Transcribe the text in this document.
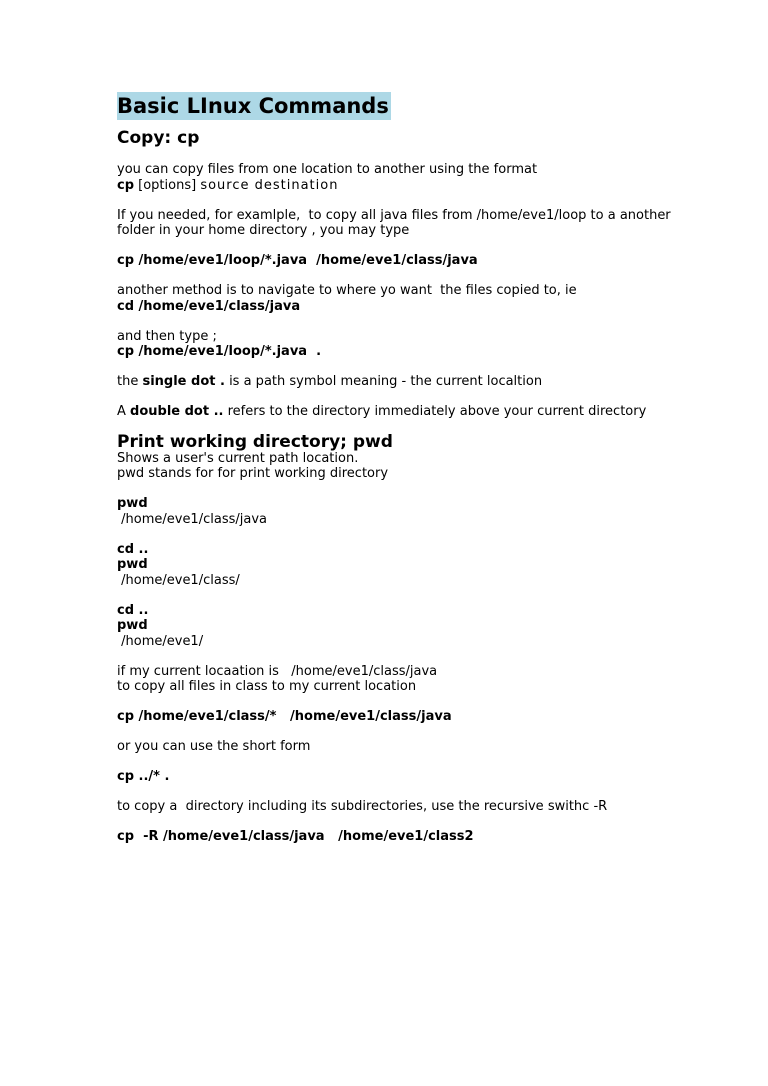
Basic LInux Commands
Copy: cp
you can copy files from one location to another using the format
cp [options] source destination
If you needed, for examlple,  to copy all java files from /home/eve1/loop to a another
folder in your home directory , you may type
cp /home/eve1/loop/*.java  /home/eve1/class/java
another method is to navigate to where yo want  the files copied to, ie
cd /home/eve1/class/java
and then type ;
cp /home/eve1/loop/*.java  .
the single dot . is a path symbol meaning - the current localtion
A double dot .. refers to the directory immediately above your current directory
Print working directory; pwd
Shows a user's current path location.
pwd stands for for print working directory
pwd
/home/eve1/class/java
cd ..
pwd
/home/eve1/class/
cd ..
pwd
/home/eve1/
if my current locaation is   /home/eve1/class/java
to copy all files in class to my current location
cp /home/eve1/class/*   /home/eve1/class/java
or you can use the short form
cp ../* .
to copy a  directory including its subdirectories, use the recursive swithc -R
cp  -R /home/eve1/class/java   /home/eve1/class2
